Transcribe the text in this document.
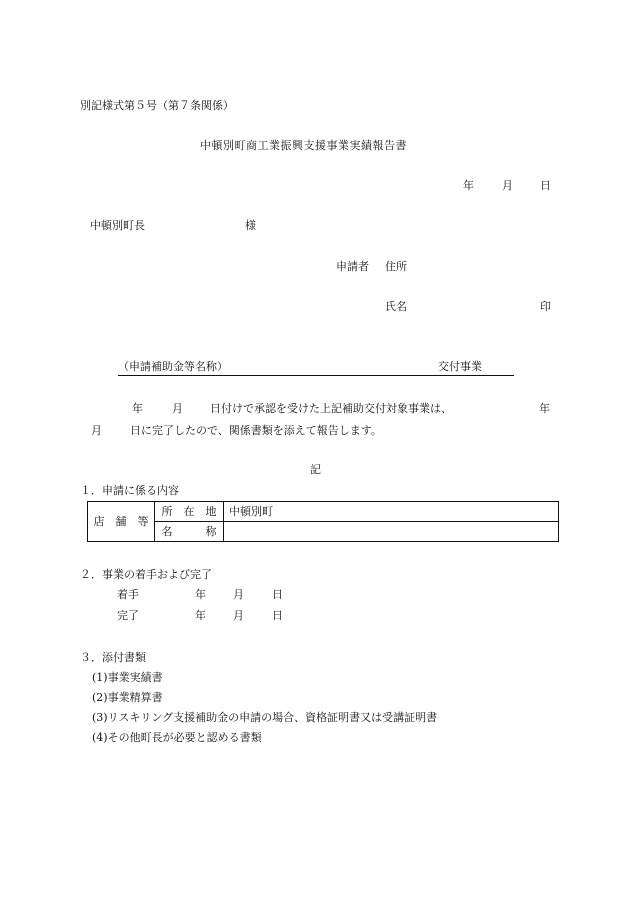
別記様式第５号（第７条関係）
中頓別町商工業振興支援事業実績報告書
年	月 日
中頓別町長	様
申請者 住所
氏名	印
（申請補助金等名称）	交付事業
年	月 日付けで承認を受けた上記補助交付対象事業は、	年
月	日に完了したので、関係書類を添えて報告します。
記
１．申請に係る内容
店　舗　等	所　在　地	中頓別町
	名　　　称	
２．事業の着手および完了
着手	年 月	日
完了	年 月	日
３．添付書類
(1)事業実績書
(2)事業精算書
(3)リスキリング支援補助金の申請の場合、資格証明書又は受講証明書
(4)その他町長が必要と認める書類
